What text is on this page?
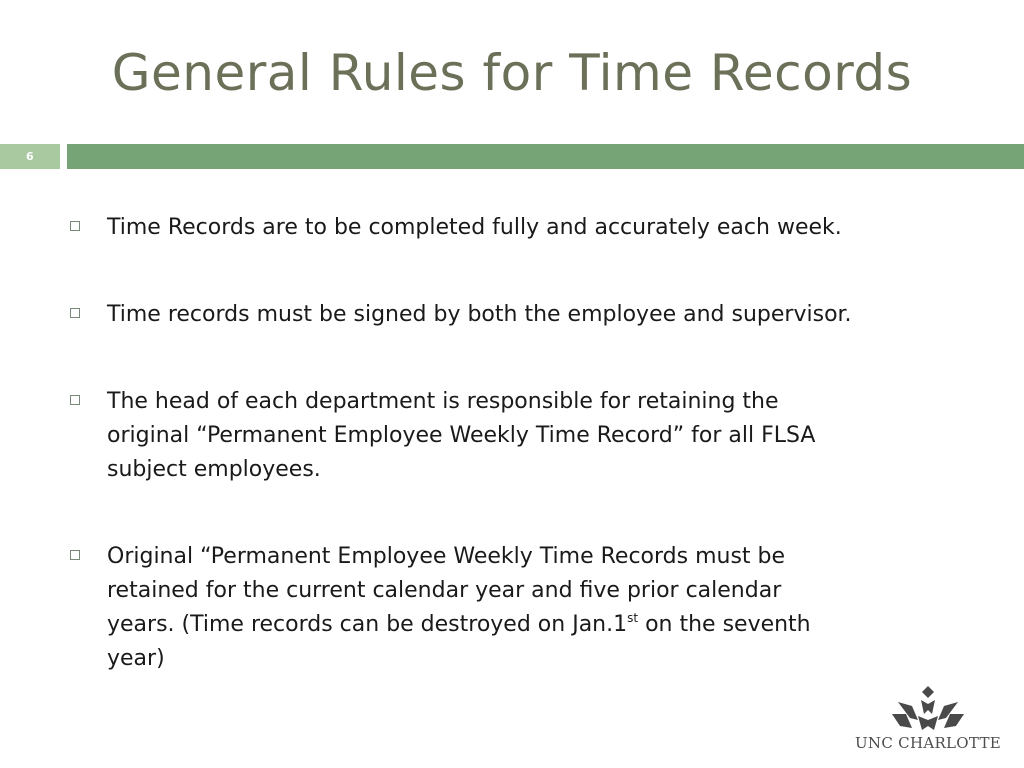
General Rules for Time Records
6
Time Records are to be completed fully and accurately each week.
Time records must be signed by both the employee and supervisor.
The head of each department is responsible for retaining the
original “Permanent Employee Weekly Time Record” for all FLSA
subject employees.
Original “Permanent Employee Weekly Time Records must be
retained for the current calendar year and five prior calendar
years. (Time records can be destroyed on Jan.1st on the seventh
year)
UNC CHARLOTTE
